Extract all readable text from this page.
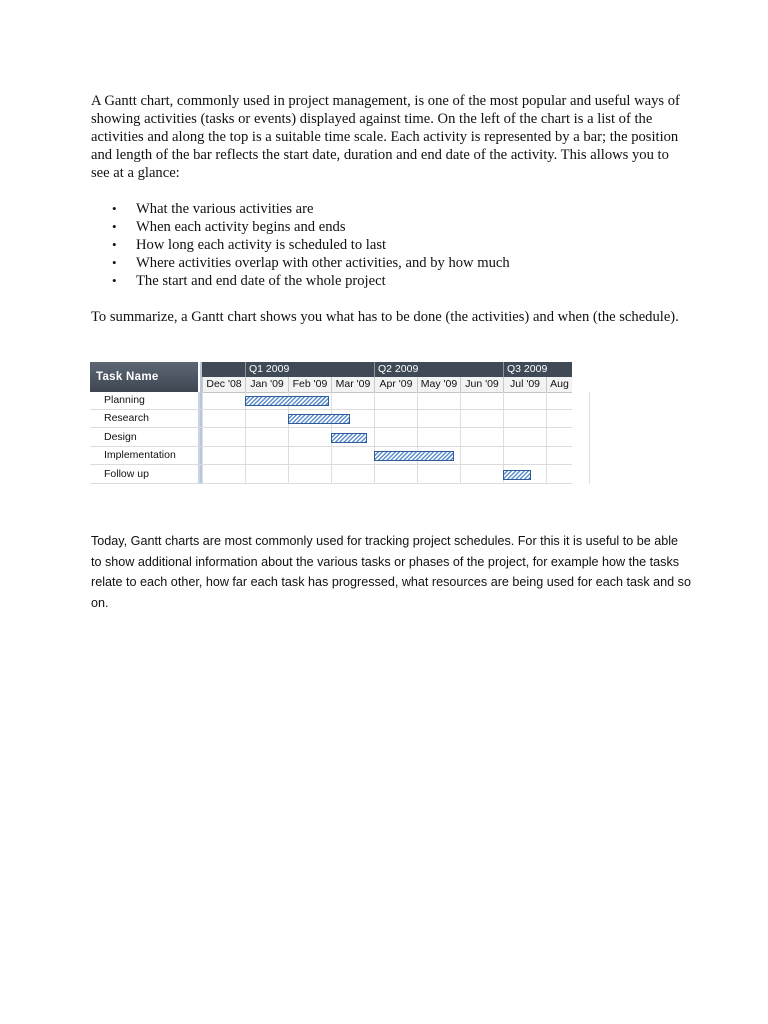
A Gantt chart, commonly used in project management, is one of the most popular and useful ways of showing activities (tasks or events) displayed against time. On the left of the chart is a list of the activities and along the top is a suitable time scale. Each activity is represented by a bar; the position and length of the bar reflects the start date, duration and end date of the activity. This allows you to see at a glance:

• What the various activities are
• When each activity begins and ends
• How long each activity is scheduled to last
• Where activities overlap with other activities, and by how much
• The start and end date of the whole project

To summarize, a Gantt chart shows you what has to be done (the activities) and when (the schedule).

Task Name
Q1 2009	Q2 2009	Q3 2009
Dec '08 Jan '09 Feb '09 Mar '09 Apr '09 May '09 Jun '09	Jul '09 Aug
Planning
Research
Design
Implementation
Follow up

Today, Gantt charts are most commonly used for tracking project schedules. For this it is useful to be able to show additional information about the various tasks or phases of the project, for example how the tasks relate to each other, how far each task has progressed, what resources are being used for each task and so on.
